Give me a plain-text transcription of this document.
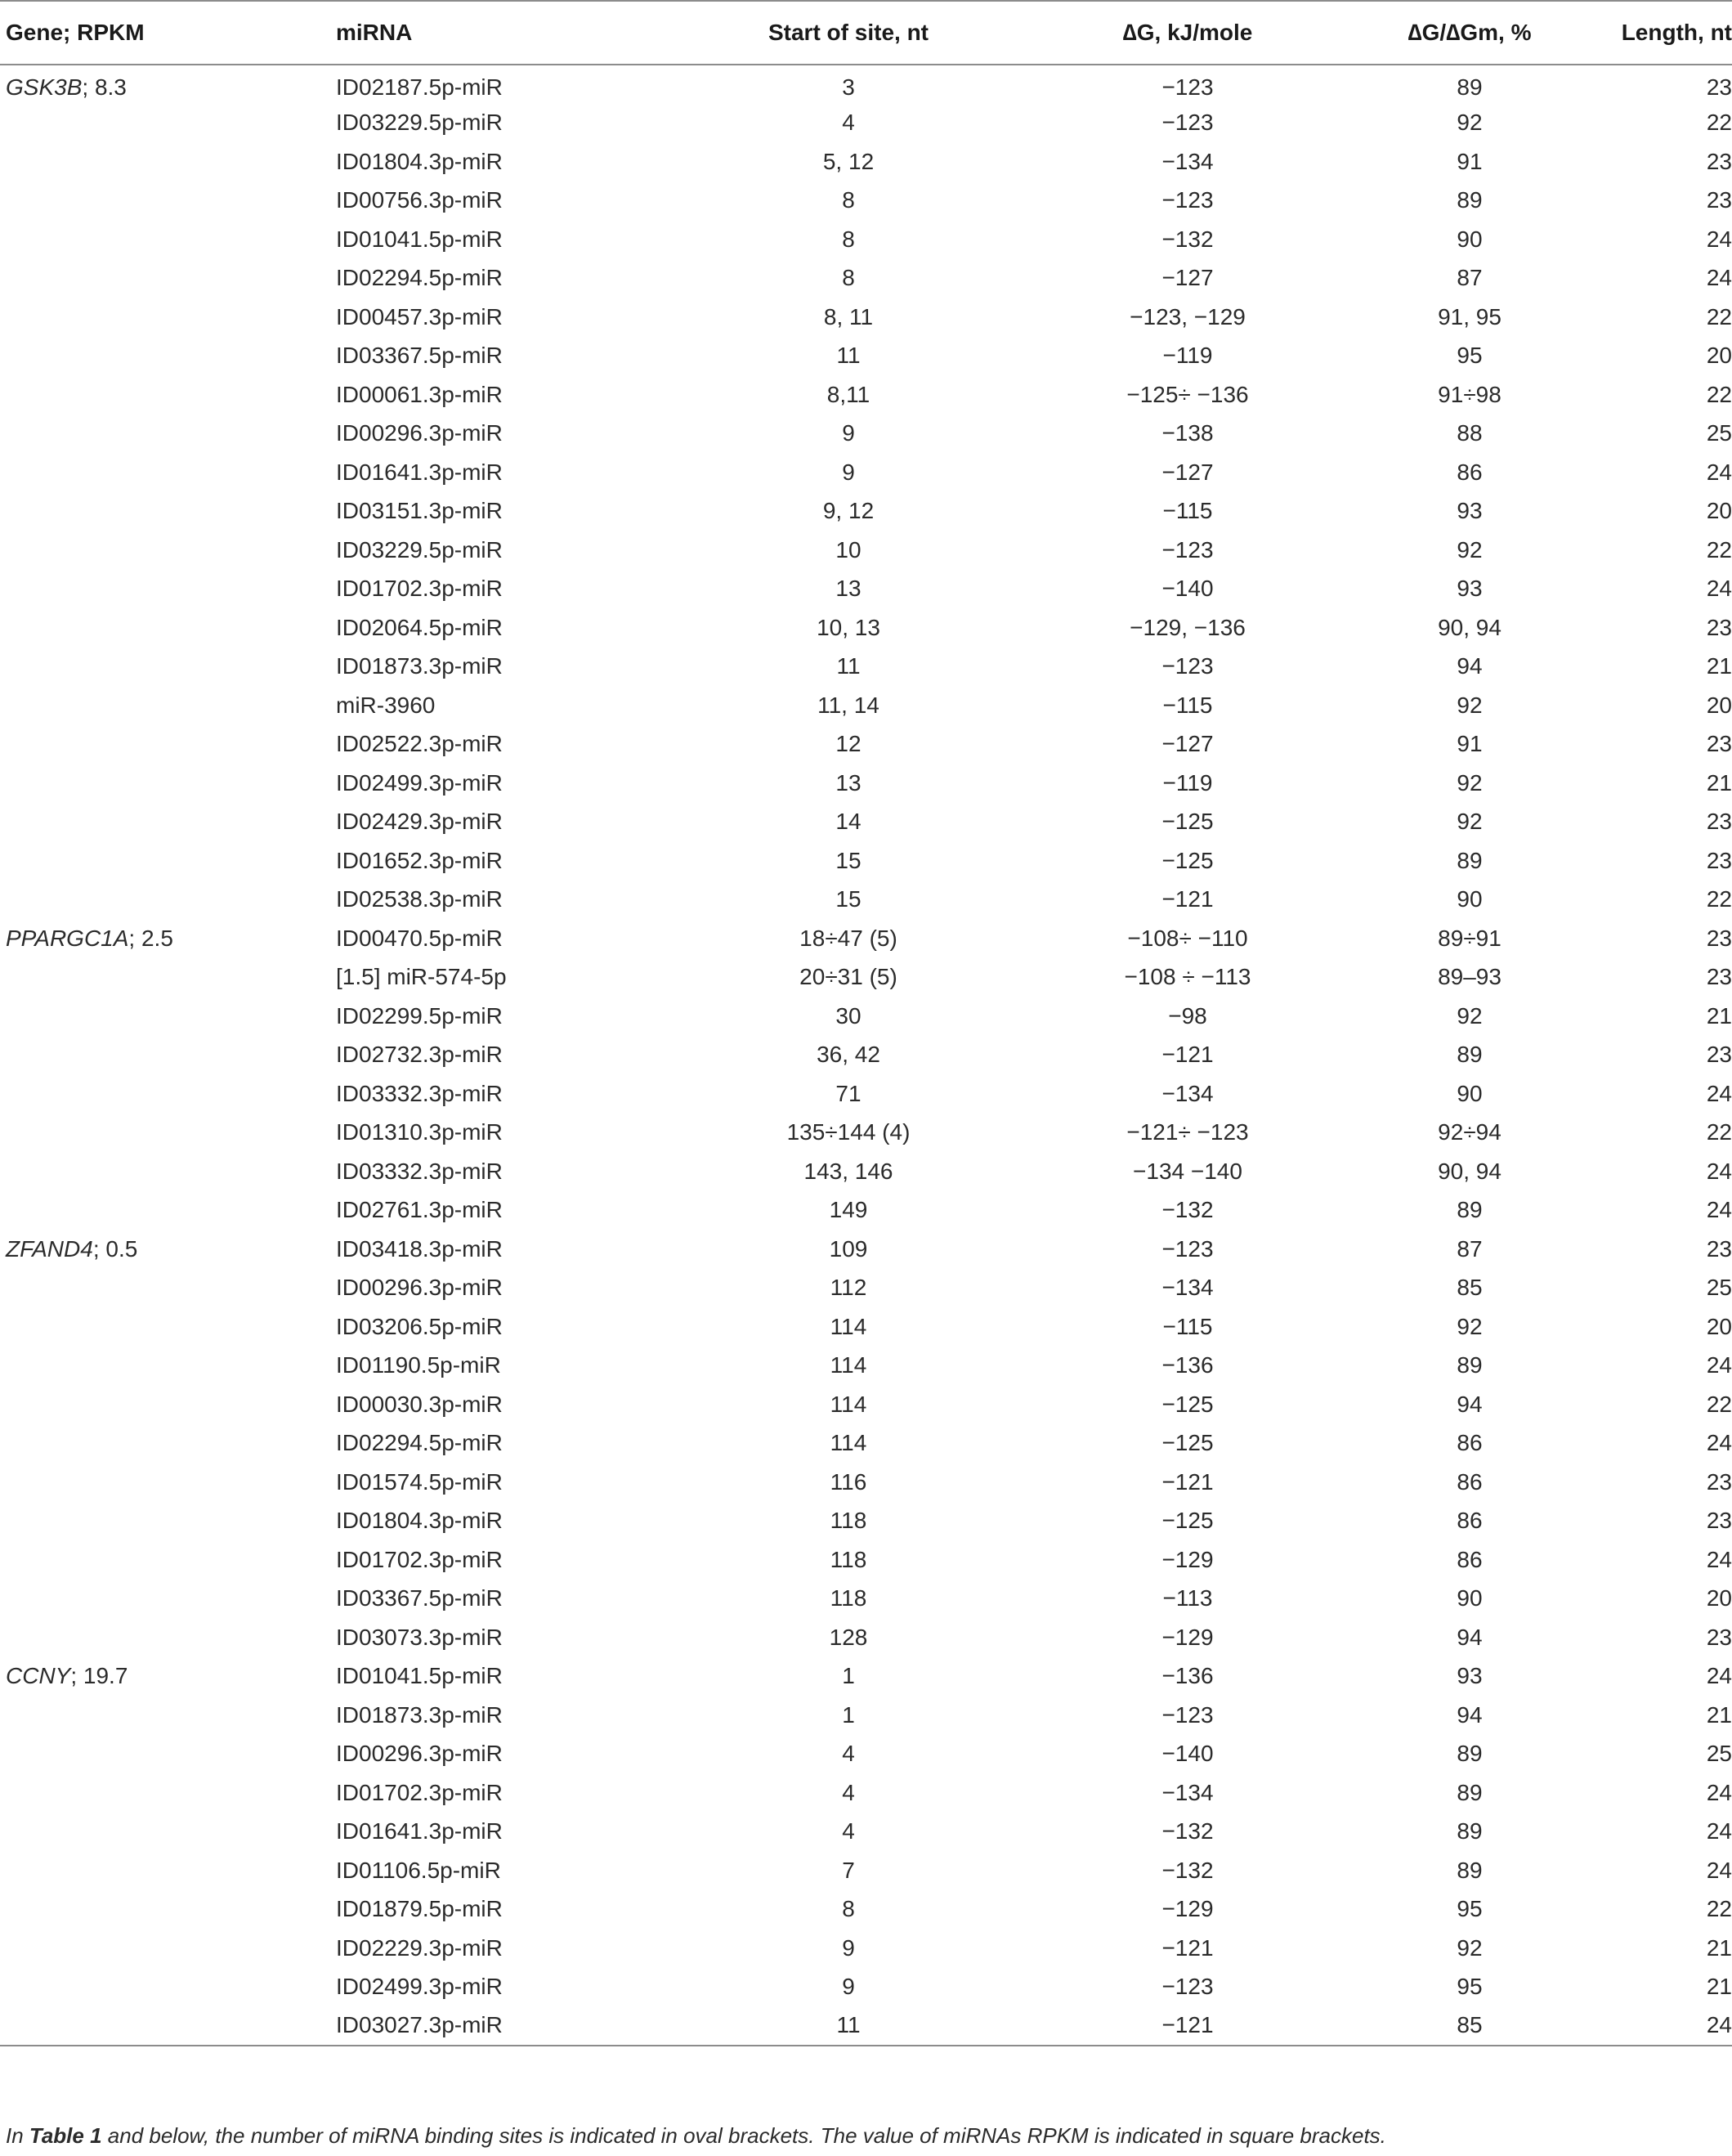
Gene; RPKM	miRNA	Start of site, nt	∆G, kJ/mole	∆G/∆Gm, %	Length, nt
GSK3B; 8.3	ID02187.5p-miR	3	−123	89	23
	ID03229.5p-miR	4	−123	92	22
	ID01804.3p-miR	5, 12	−134	91	23
	ID00756.3p-miR	8	−123	89	23
	ID01041.5p-miR	8	−132	90	24
	ID02294.5p-miR	8	−127	87	24
	ID00457.3p-miR	8, 11	−123, −129	91, 95	22
	ID03367.5p-miR	11	−119	95	20
	ID00061.3p-miR	8,11	−125÷ −136	91÷98	22
	ID00296.3p-miR	9	−138	88	25
	ID01641.3p-miR	9	−127	86	24
	ID03151.3p-miR	9, 12	−115	93	20
	ID03229.5p-miR	10	−123	92	22
	ID01702.3p-miR	13	−140	93	24
	ID02064.5p-miR	10, 13	−129, −136	90, 94	23
	ID01873.3p-miR	11	−123	94	21
	miR-3960	11, 14	−115	92	20
	ID02522.3p-miR	12	−127	91	23
	ID02499.3p-miR	13	−119	92	21
	ID02429.3p-miR	14	−125	92	23
	ID01652.3p-miR	15	−125	89	23
	ID02538.3p-miR	15	−121	90	22
PPARGC1A; 2.5	ID00470.5p-miR	18÷47 (5)	−108÷ −110	89÷91	23
	[1.5] miR-574-5p	20÷31 (5)	−108 ÷ −113	89–93	23
	ID02299.5p-miR	30	−98	92	21
	ID02732.3p-miR	36, 42	−121	89	23
	ID03332.3p-miR	71	−134	90	24
	ID01310.3p-miR	135÷144 (4)	−121÷ −123	92÷94	22
	ID03332.3p-miR	143, 146	−134 −140	90, 94	24
	ID02761.3p-miR	149	−132	89	24
ZFAND4; 0.5	ID03418.3p-miR	109	−123	87	23
	ID00296.3p-miR	112	−134	85	25
	ID03206.5p-miR	114	−115	92	20
	ID01190.5p-miR	114	−136	89	24
	ID00030.3p-miR	114	−125	94	22
	ID02294.5p-miR	114	−125	86	24
	ID01574.5p-miR	116	−121	86	23
	ID01804.3p-miR	118	−125	86	23
	ID01702.3p-miR	118	−129	86	24
	ID03367.5p-miR	118	−113	90	20
	ID03073.3p-miR	128	−129	94	23
CCNY; 19.7	ID01041.5p-miR	1	−136	93	24
	ID01873.3p-miR	1	−123	94	21
	ID00296.3p-miR	4	−140	89	25
	ID01702.3p-miR	4	−134	89	24
	ID01641.3p-miR	4	−132	89	24
	ID01106.5p-miR	7	−132	89	24
	ID01879.5p-miR	8	−129	95	22
	ID02229.3p-miR	9	−121	92	21
	ID02499.3p-miR	9	−123	95	21
	ID03027.3p-miR	11	−121	85	24
In Table 1 and below, the number of miRNA binding sites is indicated in oval brackets. The value of miRNAs RPKM is indicated in square brackets.
